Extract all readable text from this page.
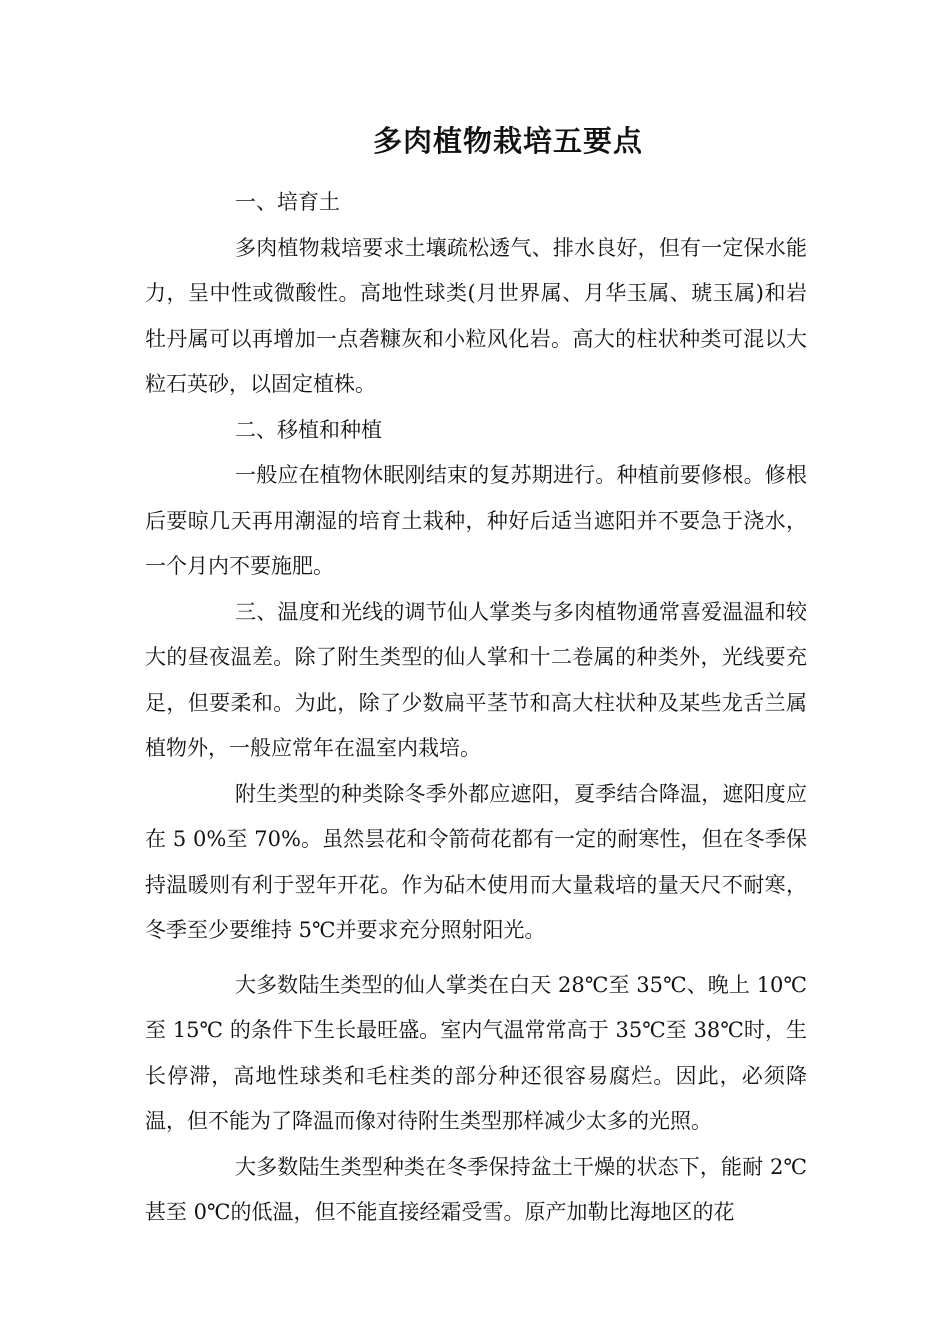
多肉植物栽培五要点

一、培育土

多肉植物栽培要求土壤疏松透气、排水良好，但有一定保水能力，呈中性或微酸性。高地性球类(月世界属、月华玉属、琥玉属)和岩牡丹属可以再增加一点砻糠灰和小粒风化岩。高大的柱状种类可混以大粒石英砂，以固定植株。

二、移植和种植

一般应在植物休眠刚结束的复苏期进行。种植前要修根。修根后要晾几天再用潮湿的培育土栽种，种好后适当遮阳并不要急于浇水，一个月内不要施肥。

三、温度和光线的调节仙人掌类与多肉植物通常喜爱温温和较大的昼夜温差。除了附生类型的仙人掌和十二卷属的种类外，光线要充足，但要柔和。为此，除了少数扁平茎节和高大柱状种及某些龙舌兰属植物外，一般应常年在温室内栽培。

附生类型的种类除冬季外都应遮阳，夏季结合降温，遮阳度应在 5 0%至 70%。虽然昙花和令箭荷花都有一定的耐寒性，但在冬季保持温暖则有利于翌年开花。作为砧木使用而大量栽培的量天尺不耐寒，冬季至少要维持 5℃并要求充分照射阳光。

大多数陆生类型的仙人掌类在白天 28℃至 35℃、晚上 10℃至 15℃ 的条件下生长最旺盛。室内气温常常高于 35℃至 38℃时，生长停滞，高地性球类和毛柱类的部分种还很容易腐烂。因此，必须降温，但不能为了降温而像对待附生类型那样减少太多的光照。

大多数陆生类型种类在冬季保持盆土干燥的状态下，能耐 2℃甚至 0℃的低温，但不能直接经霜受雪。原产加勒比海地区的花
